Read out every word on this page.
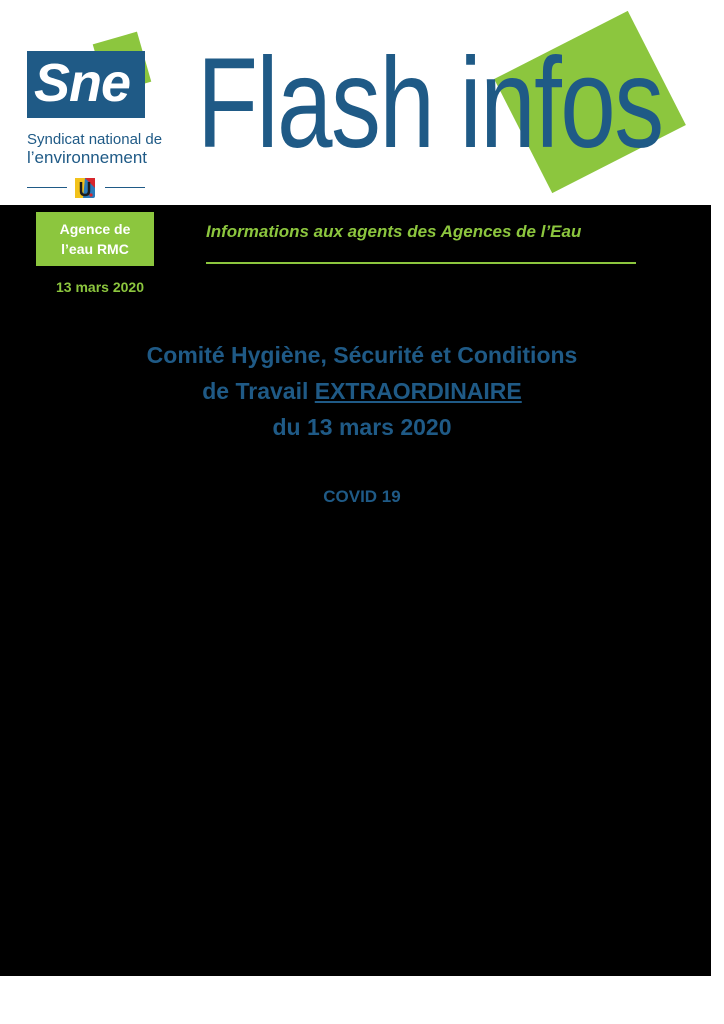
Sne
Syndicat national de
l’environnement Flash infos
Agence de
l’eau RMC
13 mars 2020
Informations aux agents des Agences de l’Eau
Comité Hygiène, Sécurité et Conditions
de Travail EXTRAORDINAIRE
du 13 mars 2020
COVID 19
